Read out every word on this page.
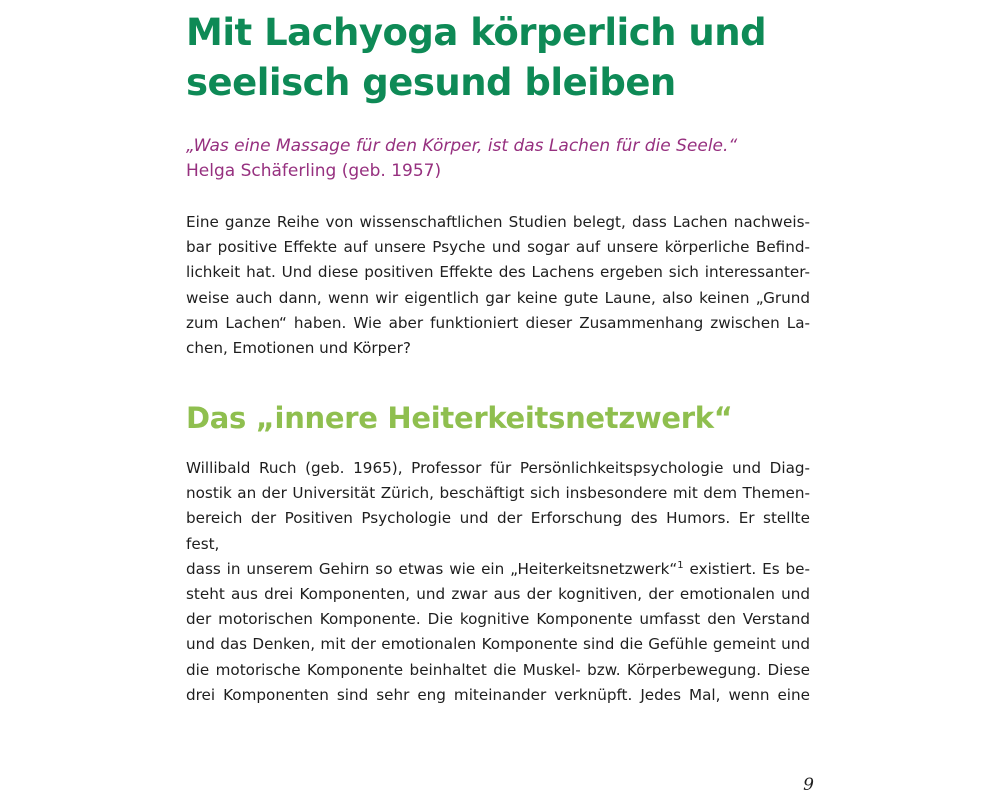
Mit Lachyoga körperlich und
seelisch gesund bleiben

„Was eine Massage für den Körper, ist das Lachen für die Seele.“
Helga Schäferling (geb. 1957)

Eine ganze Reihe von wissenschaftlichen Studien belegt, dass Lachen nachweis-
bar positive Effekte auf unsere Psyche und sogar auf unsere körperliche Befind-
lichkeit hat. Und diese positiven Effekte des Lachens ergeben sich interessanter-
weise auch dann, wenn wir eigentlich gar keine gute Laune, also keinen „Grund
zum Lachen“ haben. Wie aber funktioniert dieser Zusammenhang zwischen La-
chen, Emotionen und Körper?

Das „innere Heiterkeitsnetzwerk“

Willibald Ruch (geb. 1965), Professor für Persönlichkeitspsychologie und Diag-
nostik an der Universität Zürich, beschäftigt sich insbesondere mit dem Themen-
bereich der Positiven Psychologie und der Erforschung des Humors. Er stellte fest,
dass in unserem Gehirn so etwas wie ein „Heiterkeitsnetzwerk“$^1$ existiert. Es be-
steht aus drei Komponenten, und zwar aus der kognitiven, der emotionalen und
der motorischen Komponente. Die kognitive Komponente umfasst den Verstand
und das Denken, mit der emotionalen Komponente sind die Gefühle gemeint und
die motorische Komponente beinhaltet die Muskel- bzw. Körperbewegung. Diese
drei Komponenten sind sehr eng miteinander verknüpft. Jedes Mal, wenn eine

9
